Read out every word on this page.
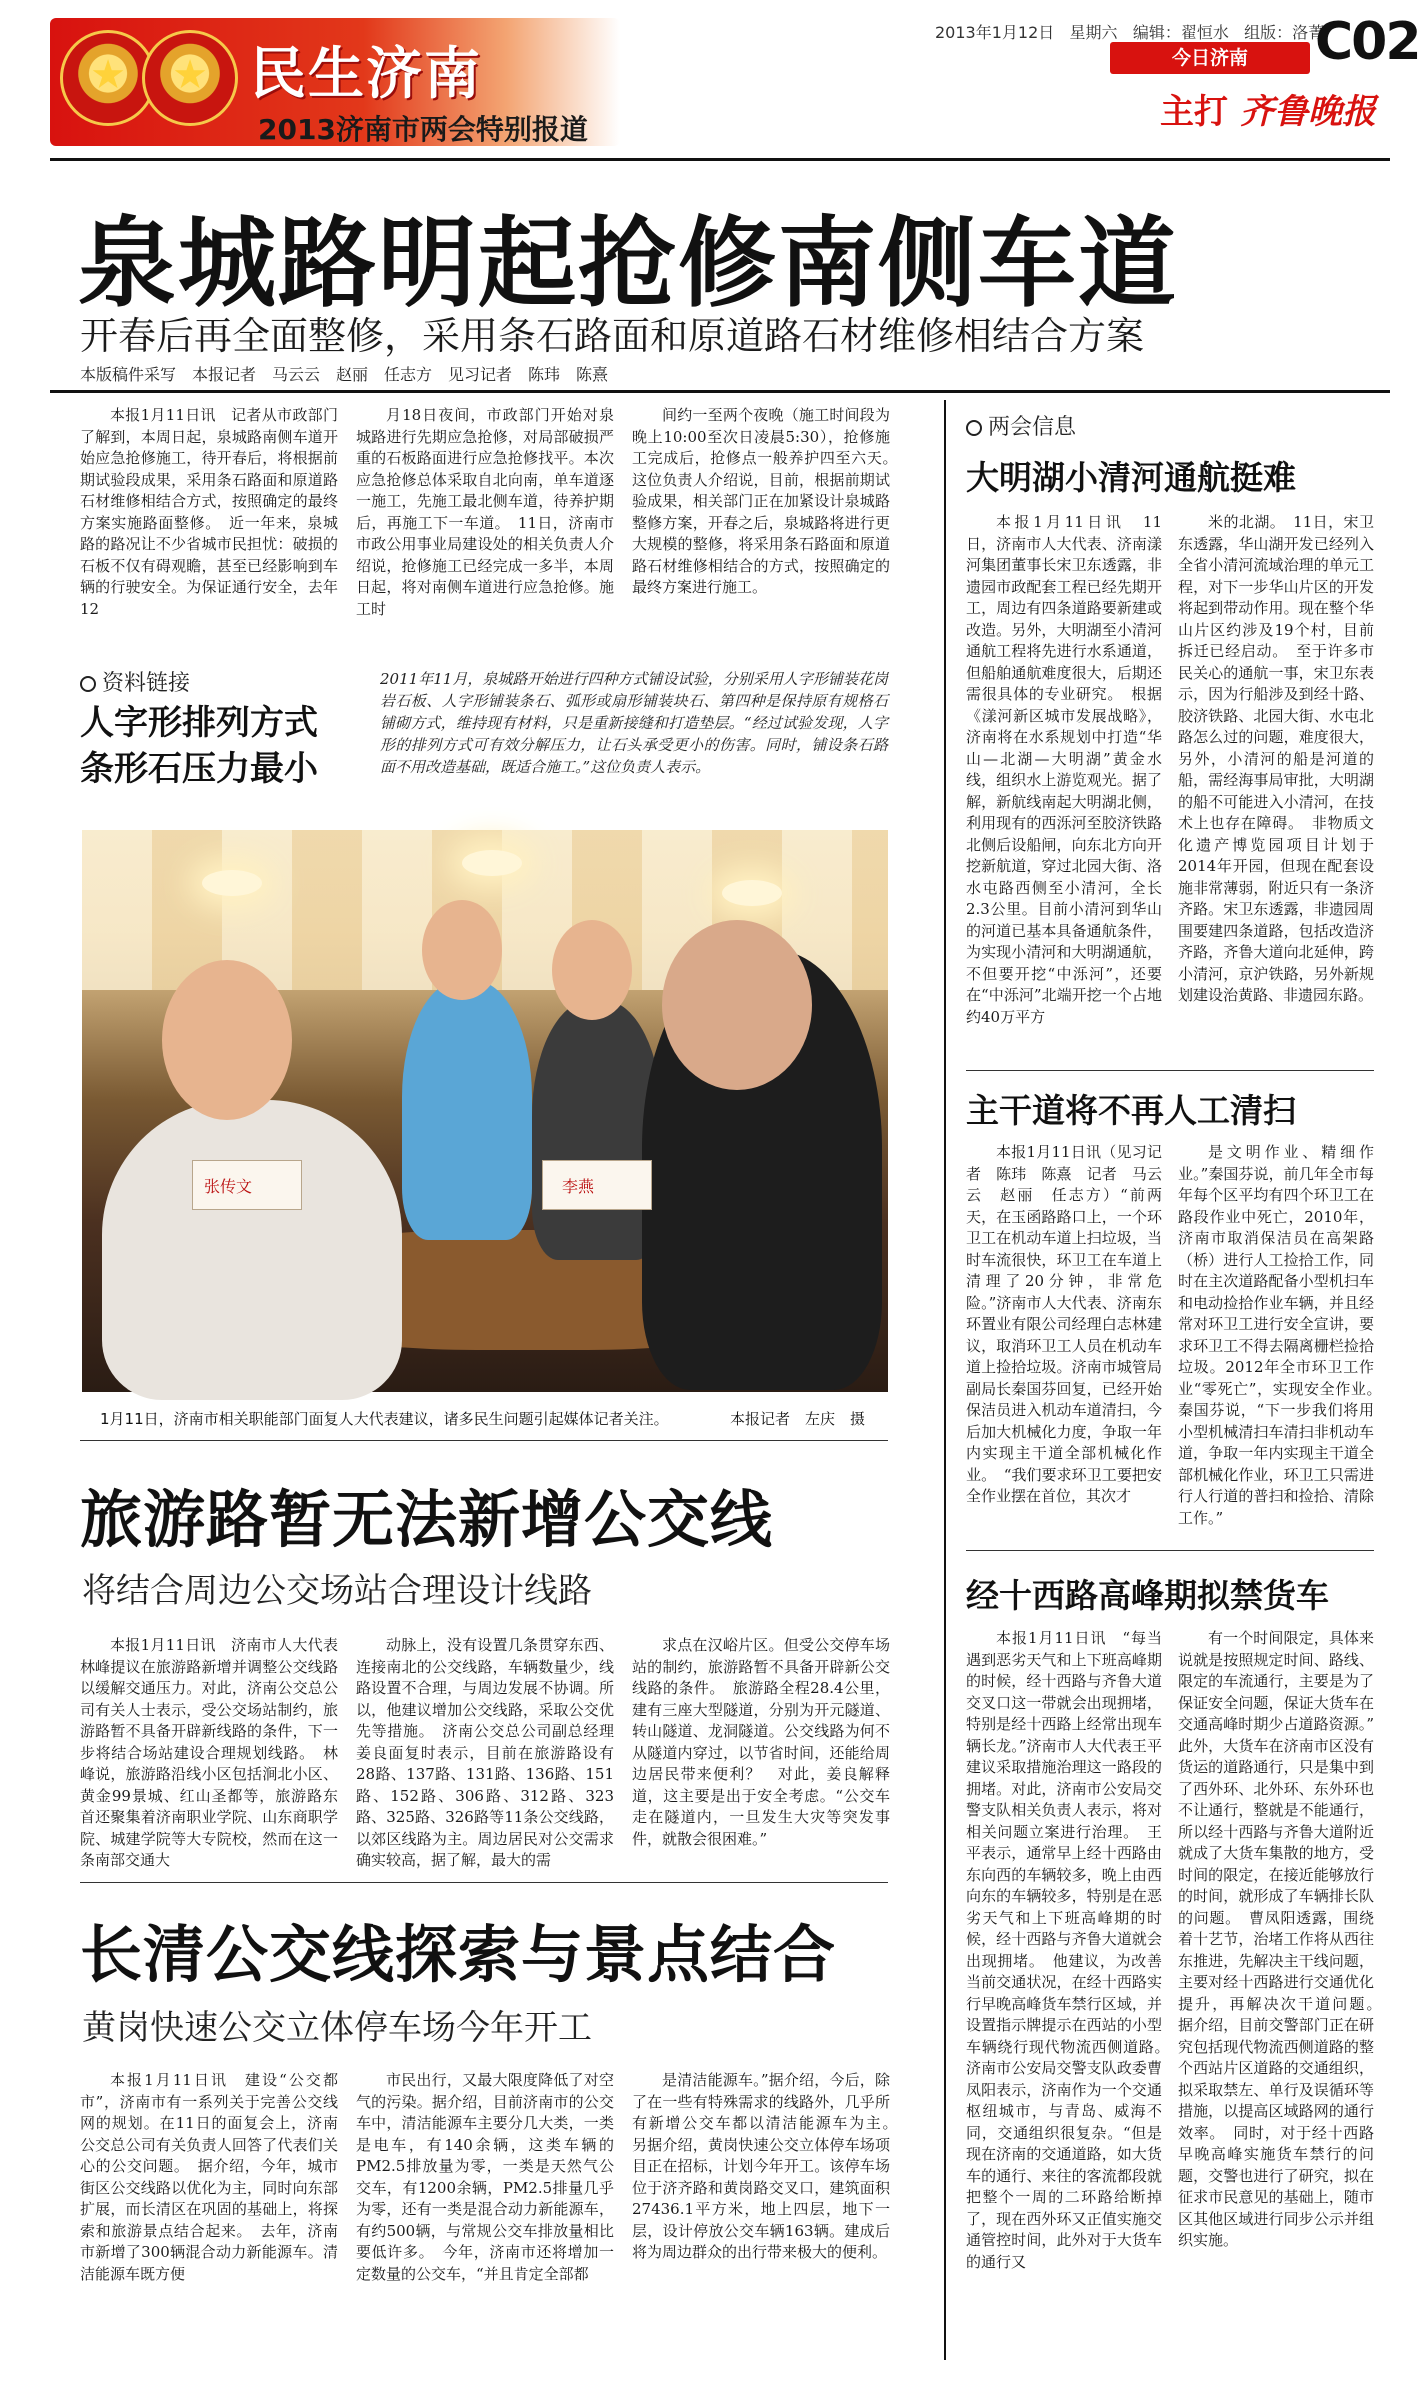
★	★ 民生济南
2013济南市两会特别报道
2013年1月12日 星期六 编辑：翟恒水 组版：洛菁
C02
今日济南
主打 齐鲁晚报
泉城路明起抢修南侧车道
开春后再全面整修，采用条石路面和原道路石材维修相结合方案
本版稿件采写　本报记者　马云云　赵丽　任志方　见习记者　陈玮　陈熹

本报1月11日讯　记者从市政部门了解到，本周日起，泉城路南侧车道开始应急抢修施工，待开春后，将根据前期试验段成果，采用条石路面和原道路石材维修相结合方式，按照确定的最终方案实施路面整修。　近一年来，泉城路的路况让不少省城市民担忧：破损的石板不仅有碍观瞻，甚至已经影响到车辆的行驶安全。为保证通行安全，去年12

月18日夜间，市政部门开始对泉城路进行先期应急抢修，对局部破损严重的石板路面进行应急抢修找平。本次应急抢修总体采取自北向南，单车道逐一施工，先施工最北侧车道，待养护期后，再施工下一车道。　11日，济南市市政公用事业局建设处的相关负责人介绍说，抢修施工已经完成一多半，本周日起，将对南侧车道进行应急抢修。施工时

间约一至两个夜晚（施工时间段为晚上10:00至次日凌晨5:30），抢修施工完成后，抢修点一般养护四至六天。　这位负责人介绍说，目前，根据前期试验成果，相关部门正在加紧设计泉城路整修方案，开春之后，泉城路将进行更大规模的整修，将采用条石路面和原道路石材维修相结合的方式，按照确定的最终方案进行施工。

资料链接
人字形排列方式
条形石压力最小
2011年11月，泉城路开始进行四种方式铺设试验，分别采用人字形铺装花岗岩石板、人字形铺装条石、弧形或扇形铺装块石、第四种是保持原有规格石铺砌方式，维持现有材料，只是重新接缝和打造垫层。“经过试验发现，人字形的排列方式可有效分解压力，让石头承受更小的伤害。同时，铺设条石路面不用改造基础，既适合施工。”这位负责人表示。
张传文	李燕
1月11日，济南市相关职能部门面复人大代表建议，诸多民生问题引起媒体记者关注。	本报记者　左庆　摄
旅游路暂无法新增公交线
将结合周边公交场站合理设计线路

本报1月11日讯　济南市人大代表林峰提议在旅游路新增并调整公交线路以缓解交通压力。对此，济南公交总公司有关人士表示，受公交场站制约，旅游路暂不具备开辟新线路的条件，下一步将结合场站建设合理规划线路。　林峰说，旅游路沿线小区包括涧北小区、黄金99景城、红山圣都等，旅游路东首还聚集着济南职业学院、山东商职学院、城建学院等大专院校，然而在这一条南部交通大

动脉上，没有设置几条贯穿东西、连接南北的公交线路，车辆数量少，线路设置不合理，与周边发展不协调。所以，他建议增加公交线路，采取公交优先等措施。　济南公交总公司副总经理姜良面复时表示，目前在旅游路设有28路、137路、131路、136路、151路、152路、306路、312路、323路、325路、326路等11条公交线路，以郊区线路为主。周边居民对公交需求确实较高，据了解，最大的需

求点在汉峪片区。但受公交停车场站的制约，旅游路暂不具备开辟新公交线路的条件。　旅游路全程28.4公里，建有三座大型隧道，分别为开元隧道、转山隧道、龙洞隧道。公交线路为何不从隧道内穿过，以节省时间，还能给周边居民带来便利？　对此，姜良解释道，这主要是出于安全考虑。“公交车走在隧道内，一旦发生大灾等突发事件，就散会很困难。”

长清公交线探索与景点结合
黄岗快速公交立体停车场今年开工

本报1月11日讯　建设“公交都市”，济南市有一系列关于完善公交线网的规划。在11日的面复会上，济南公交总公司有关负责人回答了代表们关心的公交问题。　据介绍，今年，城市街区公交线路以优化为主，同时向东部扩展，而长清区在巩固的基础上，将探索和旅游景点结合起来。　去年，济南市新增了300辆混合动力新能源车。清洁能源车既方便

市民出行，又最大限度降低了对空气的污染。据介绍，目前济南市的公交车中，清洁能源车主要分几大类，一类是电车，有140余辆，这类车辆的PM2.5排放量为零，一类是天然气公交车，有1200余辆，PM2.5排量几乎为零，还有一类是混合动力新能源车，有约500辆，与常规公交车排放量相比要低许多。　今年，济南市还将增加一定数量的公交车，“并且肯定全部都

是清洁能源车。”据介绍，今后，除了在一些有特殊需求的线路外，几乎所有新增公交车都以清洁能源车为主。　另据介绍，黄岗快速公交立体停车场项目正在招标，计划今年开工。该停车场位于济齐路和黄岗路交叉口，建筑面积27436.1平方米，地上四层，地下一层，设计停放公交车辆163辆。建成后将为周边群众的出行带来极大的便利。

两会信息
大明湖小清河通航挺难

本报1月11日讯　11日，济南市人大代表、济南漾河集团董事长宋卫东透露，非遗园市政配套工程已经先期开工，周边有四条道路要新建或改造。另外，大明湖至小清河通航工程将先进行水系通道，但船舶通航难度很大，后期还需很具体的专业研究。　根据《漾河新区城市发展战略》，济南将在水系规划中打造“华山—北湖—大明湖”黄金水线，组织水上游览观光。据了解，新航线南起大明湖北侧，利用现有的西泺河至胶济铁路北侧后设船闸，向东北方向开挖新航道，穿过北园大街、洛水屯路西侧至小清河，全长2.3公里。目前小清河到华山的河道已基本具备通航条件，为实现小清河和大明湖通航，不但要开挖“中泺河”，还要在“中泺河”北端开挖一个占地约40万平方

米的北湖。　11日，宋卫东透露，华山湖开发已经列入全省小清河流域治理的单元工程，对下一步华山片区的开发将起到带动作用。现在整个华山片区约涉及19个村，目前拆迁已经启动。　至于许多市民关心的通航一事，宋卫东表示，因为行船涉及到经十路、胶济铁路、北园大街、水屯北路怎么过的问题，难度很大，另外，小清河的船是河道的船，需经海事局审批，大明湖的船不可能进入小清河，在技术上也存在障碍。　非物质文化遗产博览园项目计划于2014年开园，但现在配套设施非常薄弱，附近只有一条济齐路。宋卫东透露，非遗园周围要建四条道路，包括改造济齐路，齐鲁大道向北延伸，跨小清河，京沪铁路，另外新规划建设治黄路、非遗园东路。

主干道将不再人工清扫

本报1月11日讯（见习记者　陈玮　陈熹　记者　马云云　赵丽　任志方）“前两天，在玉函路路口上，一个环卫工在机动车道上扫垃圾，当时车流很快，环卫工在车道上清理了20分钟，非常危险。”济南市人大代表、济南东环置业有限公司经理白志林建议，取消环卫工人员在机动车道上捡拾垃圾。济南市城管局副局长秦国芬回复，已经开始保洁员进入机动车道清扫，今后加大机械化力度，争取一年内实现主干道全部机械化作业。　“我们要求环卫工要把安全作业摆在首位，其次才

是文明作业、精细作业。”秦国芬说，前几年全市每年每个区平均有四个环卫工在路段作业中死亡，2010年，济南市取消保洁员在高架路（桥）进行人工捡拾工作，同时在主次道路配备小型机扫车和电动捡拾作业车辆，并且经常对环卫工进行安全宣讲，要求环卫工不得去隔离栅栏捡拾垃圾。2012年全市环卫工作业“零死亡”，实现安全作业。　秦国芬说，“下一步我们将用小型机械清扫车清扫非机动车道，争取一年内实现主干道全部机械化作业，环卫工只需进行人行道的普扫和捡拾、清除工作。”

经十西路高峰期拟禁货车

本报1月11日讯　“每当遇到恶劣天气和上下班高峰期的时候，经十西路与齐鲁大道交叉口这一带就会出现拥堵，特别是经十西路上经常出现车辆长龙。”济南市人大代表王平建议采取措施治理这一路段的拥堵。对此，济南市公安局交警支队相关负责人表示，将对相关问题立案进行治理。　王平表示，通常早上经十西路由东向西的车辆较多，晚上由西向东的车辆较多，特别是在恶劣天气和上下班高峰期的时候，经十西路与齐鲁大道就会出现拥堵。　他建议，为改善当前交通状况，在经十西路实行早晚高峰货车禁行区域，并设置指示牌提示在西站的小型车辆绕行现代物流西侧道路。　济南市公安局交警支队政委曹凤阳表示，济南作为一个交通枢纽城市，与青岛、威海不同，交通组织很复杂。“但是现在济南的交通道路，如大货车的通行、来往的客流都段就把整个一周的二环路给断掉了，现在西外环又正值实施交通管控时间，此外对于大货车的通行又

有一个时间限定，具体来说就是按照规定时间、路线、限定的车流通行，主要是为了保证安全问题，保证大货车在交通高峰时期少占道路资源。”　此外，大货车在济南市区没有货运的道路通行，只是集中到了西外环、北外环、东外环也不让通行，整就是不能通行，所以经十西路与齐鲁大道附近就成了大货车集散的地方，受时间的限定，在接近能够放行的时间，就形成了车辆排长队的问题。　曹凤阳透露，围绕着十艺节，治堵工作将从西往东推进，先解决主干线问题，主要对经十西路进行交通优化提升，再解决次干道问题。　据介绍，目前交警部门正在研究包括现代物流西侧道路的整个西站片区道路的交通组织，拟采取禁左、单行及误循环等措施，以提高区域路网的通行效率。　同时，对于经十西路早晚高峰实施货车禁行的问题，交警也进行了研究，拟在征求市民意见的基础上，随市区其他区域进行同步公示并组织实施。
